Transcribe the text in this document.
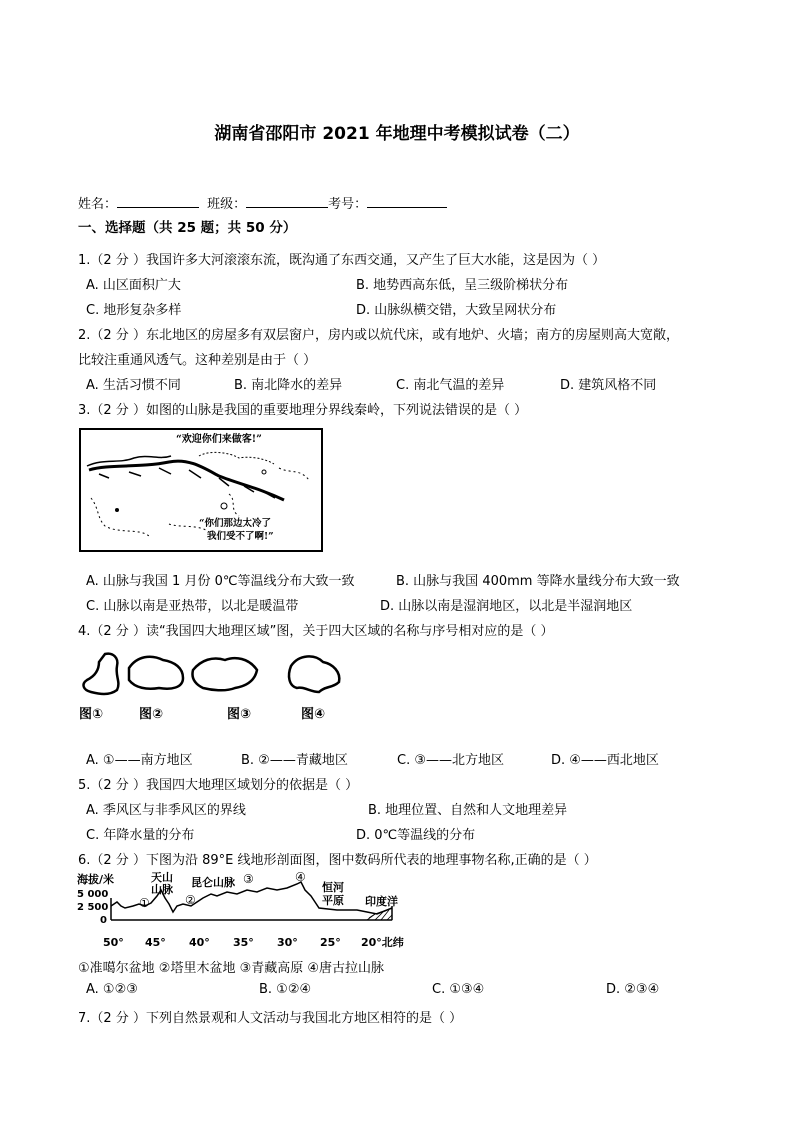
湖南省邵阳市 2021 年地理中考模拟试卷（二）
姓名：	班级：	考号：
一、选择题（共 25 题；共 50 分）
1.（2 分 ）我国许多大河滚滚东流，既沟通了东西交通，又产生了巨大水能，这是因为（ ）
A. 山区面积广大	B. 地势西高东低，呈三级阶梯状分布
C. 地形复杂多样	D. 山脉纵横交错，大致呈网状分布
2.（2 分 ）东北地区的房屋多有双层窗户，房内或以炕代床，或有地炉、火墙；南方的房屋则高大宽敞，
比较注重通风透气。这种差别是由于（ ）
A. 生活习惯不同	B. 南北降水的差异	C. 南北气温的差异	D. 建筑风格不同
3.（2 分 ）如图的山脉是我国的重要地理分界线秦岭，下列说法错误的是（ ）
“欢迎你们来做客!”
“你们那边太冷了
我们受不了啊!”
A. 山脉与我国 1 月份 0℃等温线分布大致一致	B. 山脉与我国 400mm 等降水量线分布大致一致
C. 山脉以南是亚热带，以北是暖温带	D. 山脉以南是湿润地区，以北是半湿润地区
4.（2 分 ）读“我国四大地理区域”图，关于四大区域的名称与序号相对应的是（ ）
图①	图②	图③	图④
A. ①——南方地区	B. ②——青藏地区	C. ③——北方地区	D. ④——西北地区
5.（2 分 ）我国四大地理区域划分的依据是（ ）
A. 季风区与非季风区的界线	B. 地理位置、自然和人文地理差异
C. 年降水量的分布	D. 0℃等温线的分布
6.（2 分 ）下图为沿 89°E 线地形剖面图，图中数码所代表的地理事物名称,正确的是（ ）
海拔/米
5 000
2 500
0
天山
山脉
昆仑山脉	恒河
平原 印度洋
①	②
③	④
50° 45° 40° 35° 30° 25° 20°北纬
①准噶尔盆地 ②塔里木盆地 ③青藏高原 ④唐古拉山脉
A. ①②③	B. ①②④	C. ①③④	D. ②③④
7.（2 分 ）下列自然景观和人文活动与我国北方地区相符的是（ ）
